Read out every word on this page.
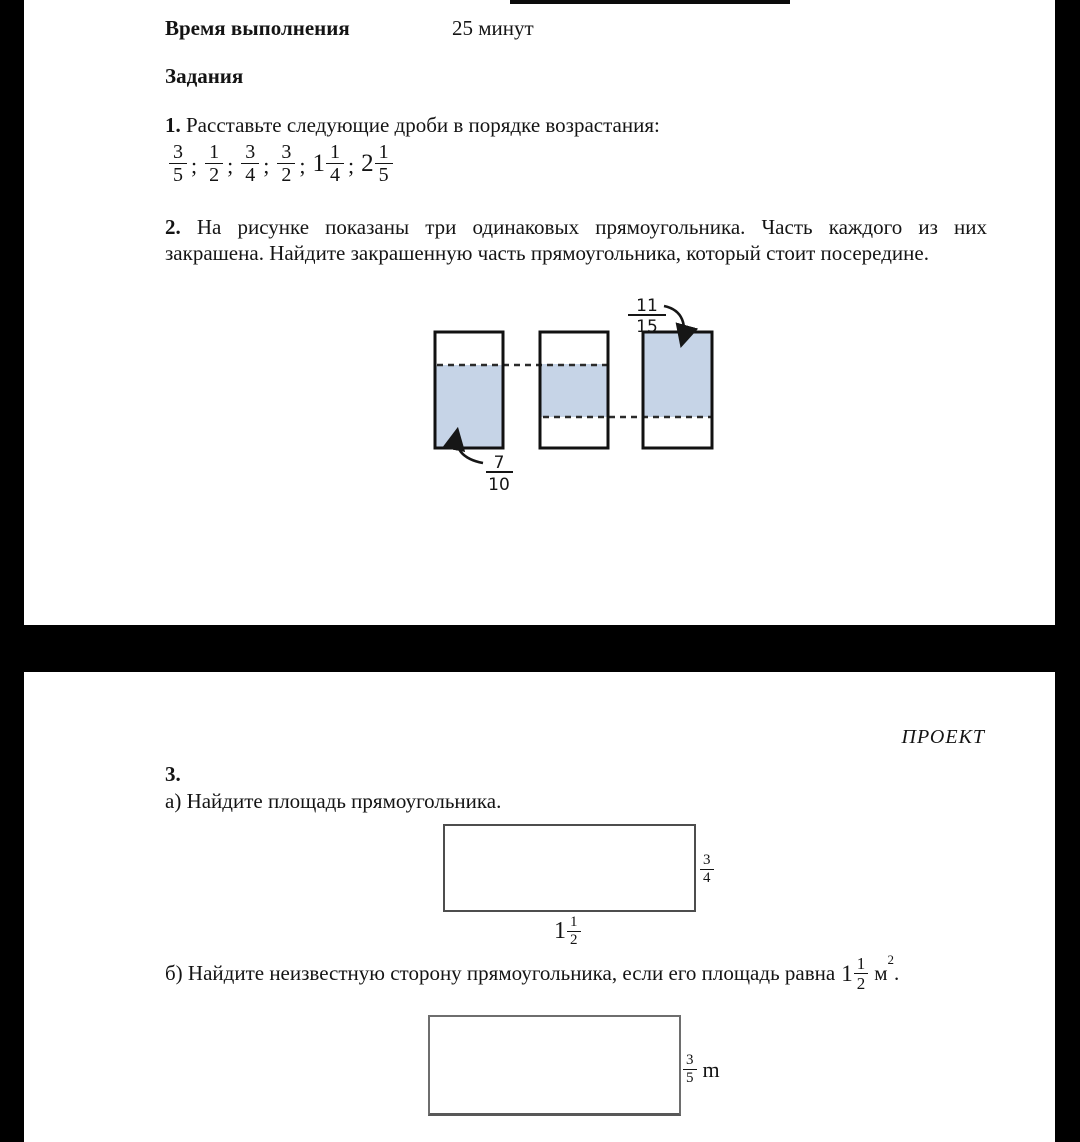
Время выполнения	25 минут
Задания
1. Расставьте следующие дроби в порядке возрастания:
$\frac{3}{5}$ ; $\frac{1}{2}$ ; $\frac{3}{4}$ ; $\frac{3}{2}$ ; $1 \frac{1}{4}$ ; $2 \frac{1}{5}$
2. На рисунке показаны три одинаковых прямоугольника. Часть каждого из них
закрашена. Найдите закрашенную часть прямоугольника, который стоит посередине.
11
15
7
10
ПРОЕКТ
3.
а) Найдите площадь прямоугольника.
$\frac{3}{4}$
$1 \frac{1}{2}$
б) Найдите неизвестную сторону прямоугольника, если его площадь равна $1 \frac{1}{2} м^2$.
$\frac{3}{5}$ m
